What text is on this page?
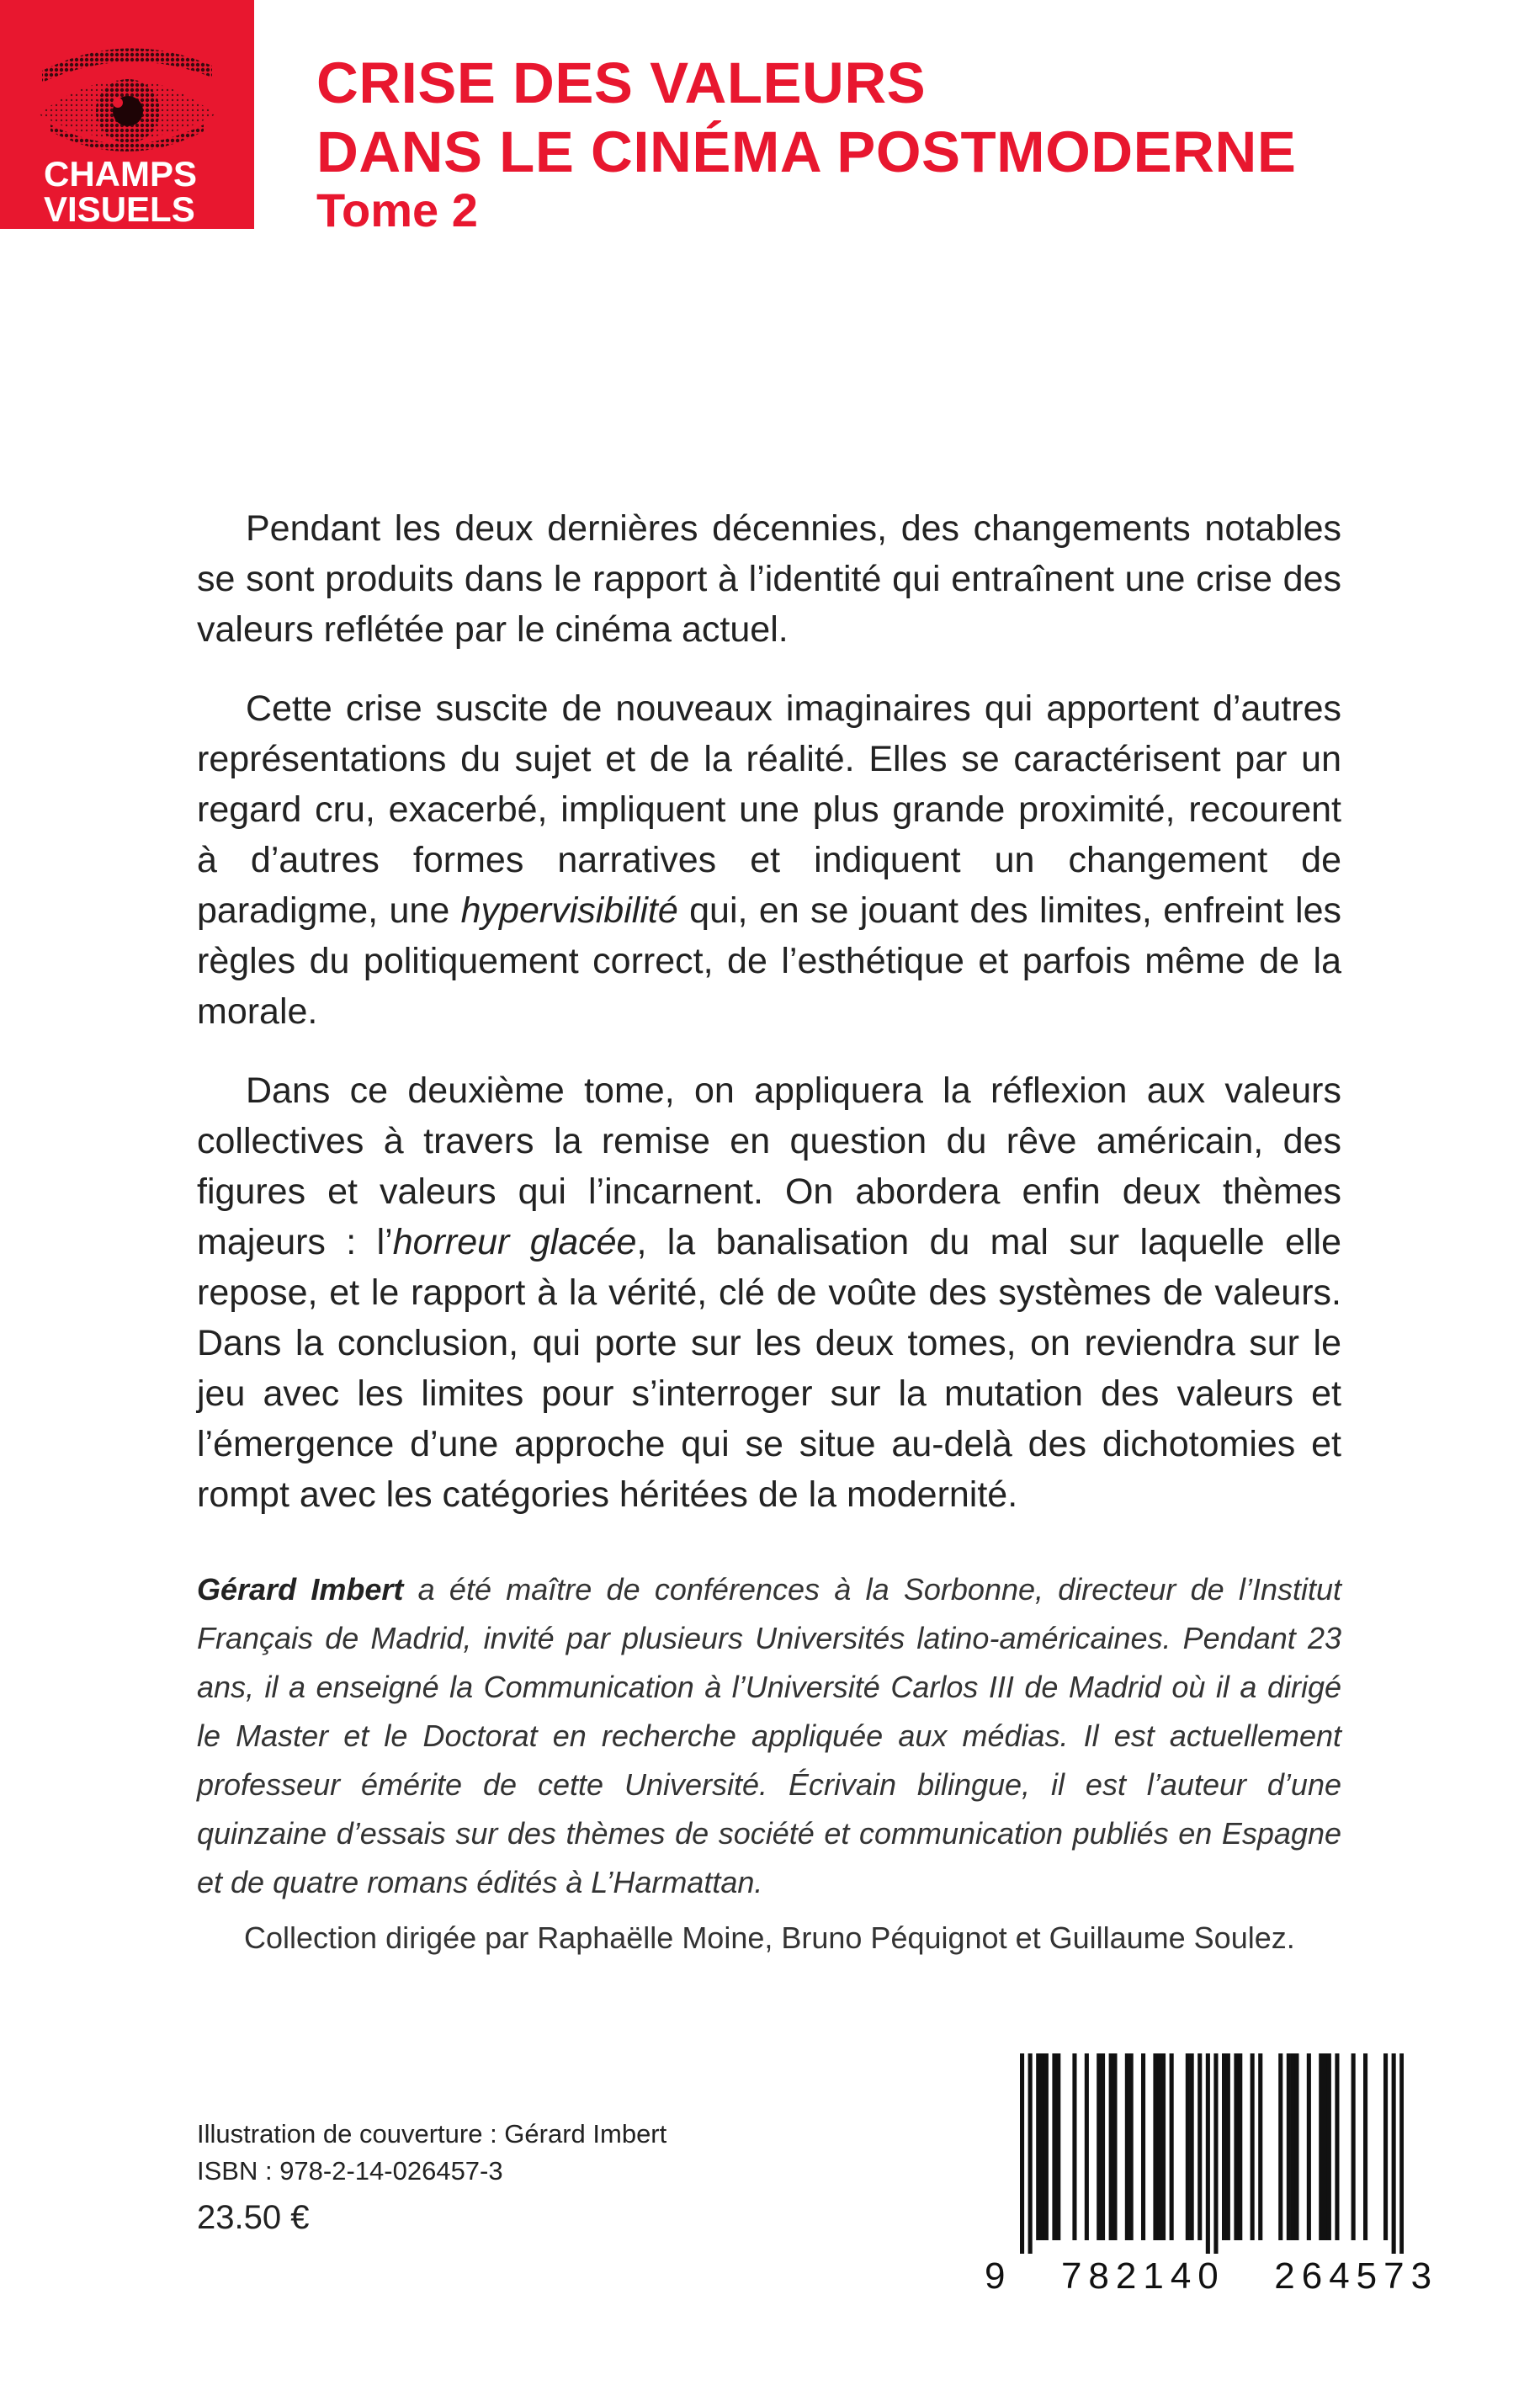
CHAMPS
VISUELS
CRISE DES VALEURS
DANS LE CINÉMA POSTMODERNE
Tome 2

Pendant les deux dernières décennies, des changements notables se sont produits dans le rapport à l’identité qui entraînent une crise des valeurs reflétée par le cinéma actuel.

Cette crise suscite de nouveaux imaginaires qui apportent d’autres représentations du sujet et de la réalité. Elles se caractérisent par un regard cru, exacerbé, impliquent une plus grande proximité, recourent à d’autres formes narratives et indiquent un changement de paradigme, une hypervisibilité qui, en se jouant des limites, enfreint les règles du politiquement correct, de l’esthétique et parfois même de la morale.

Dans ce deuxième tome, on appliquera la réflexion aux valeurs collectives à travers la remise en question du rêve américain, des figures et valeurs qui l’incarnent. On abordera enfin deux thèmes majeurs : l’horreur glacée, la banalisation du mal sur laquelle elle repose, et le rapport à la vérité, clé de voûte des systèmes de valeurs. Dans la conclusion, qui porte sur les deux tomes, on reviendra sur le jeu avec les limites pour s’interroger sur la mutation des valeurs et l’émergence d’une approche qui se situe au-delà des dichotomies et rompt avec les catégories héritées de la modernité.

Gérard Imbert a été maître de conférences à la Sorbonne, directeur de l’Institut Français de Madrid, invité par plusieurs Universités latino-américaines. Pendant 23 ans, il a enseigné la Communication à l’Université Carlos III de Madrid où il a dirigé le Master et le Doctorat en recherche appliquée aux médias. Il est actuellement professeur émérite de cette Université. Écrivain bilingue, il est l’auteur d’une quinzaine d’essais sur des thèmes de société et communication publiés en Espagne et de quatre romans édités à L’Harmattan.

Collection dirigée par Raphaëlle Moine, Bruno Péquignot et Guillaume Soulez.

Illustration de couverture : Gérard Imbert
ISBN : 978-2-14-026457-3
23.50 €
9 782140 264573
